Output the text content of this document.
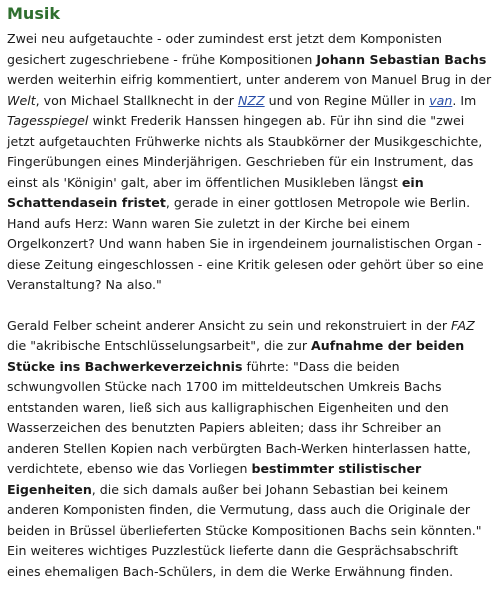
Musik

Zwei neu aufgetauchte - oder zumindest erst jetzt dem Komponisten gesichert zugeschriebene - frühe Kompositionen Johann Sebastian Bachs werden weiterhin eifrig kommentiert, unter anderem von Manuel Brug in der Welt, von Michael Stallknecht in der NZZ und von Regine Müller in van. Im Tagesspiegel winkt Frederik Hanssen hingegen ab. Für ihn sind die "zwei jetzt aufgetauchten Frühwerke nichts als Staubkörner der Musikgeschichte, Fingerübungen eines Minderjährigen. Geschrieben für ein Instrument, das einst als 'Königin' galt, aber im öffentlichen Musikleben längst ein Schattendasein fristet, gerade in einer gottlosen Metropole wie Berlin. Hand aufs Herz: Wann waren Sie zuletzt in der Kirche bei einem Orgelkonzert? Und wann haben Sie in irgendeinem journalistischen Organ - diese Zeitung eingeschlossen - eine Kritik gelesen oder gehört über so eine Veranstaltung? Na also."

Gerald Felber scheint anderer Ansicht zu sein und rekonstruiert in der FAZ die "akribische Entschlüsselungsarbeit", die zur Aufnahme der beiden Stücke ins Bachwerkeverzeichnis führte: "Dass die beiden schwungvollen Stücke nach 1700 im mitteldeutschen Umkreis Bachs entstanden waren, ließ sich aus kalligraphischen Eigenheiten und den Wasserzeichen des benutzten Papiers ableiten; dass ihr Schreiber an anderen Stellen Kopien nach verbürgten Bach-Werken hinterlassen hatte, verdichtete, ebenso wie das Vorliegen bestimmter stilistischer Eigenheiten, die sich damals außer bei Johann Sebastian bei keinem anderen Komponisten finden, die Vermutung, dass auch die Originale der beiden in Brüssel überlieferten Stücke Kompositionen Bachs sein könnten." Ein weiteres wichtiges Puzzlestück lieferte dann die Gesprächsabschrift eines ehemaligen Bach-Schülers, in dem die Werke Erwähnung finden.
